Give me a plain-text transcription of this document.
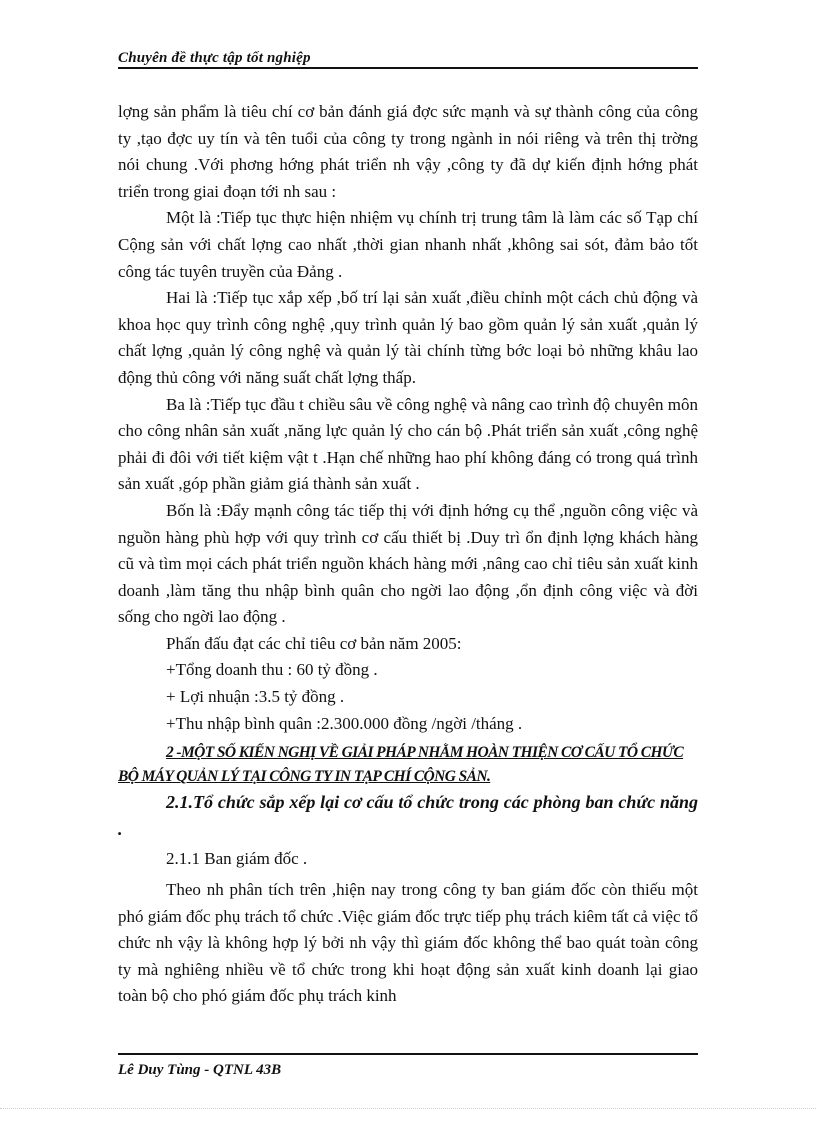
Chuyên đề thực tập tốt nghiệp

lợng sản phẩm là tiêu chí cơ bản đánh giá đợc sức mạnh và sự thành công của công ty ,tạo đợc uy tín và tên tuổi của công ty trong ngành in nói riêng và trên thị trờng nói chung .Với phơng hớng phát triển nh vậy ,công ty đã dự kiến định hớng phát triển trong giai đoạn tới nh sau :

Một là :Tiếp tục thực hiện nhiệm vụ chính trị trung tâm là làm các số Tạp chí Cộng sản với chất lợng cao nhất ,thời gian nhanh nhất ,không sai sót, đảm bảo tốt công tác tuyên truyền của Đảng .

Hai là :Tiếp tục xắp xếp ,bố trí lại sản xuất ,điều chỉnh một cách chủ động và khoa học quy trình công nghệ ,quy trình quản lý bao gồm quản lý sản xuất ,quản lý chất lợng ,quản lý công nghệ và quản lý tài chính từng bớc loại bỏ những khâu lao động thủ công với năng suất chất lợng thấp.

Ba là :Tiếp tục đầu t chiều sâu về công nghệ và nâng cao trình độ chuyên môn cho công nhân sản xuất ,năng lực quản lý cho cán bộ .Phát triển sản xuất ,công nghệ phải đi đôi với tiết kiệm vật t .Hạn chế những hao phí không đáng có trong quá trình sản xuất ,góp phần giảm giá thành sản xuất .

Bốn là :Đẩy mạnh công tác tiếp thị với định hớng cụ thể ,nguồn công việc và nguồn hàng phù hợp với quy trình cơ cấu thiết bị .Duy trì ổn định lợng khách hàng cũ và tìm mọi cách phát triển nguồn khách hàng mới ,nâng cao chỉ tiêu sản xuất kinh doanh ,làm tăng thu nhập bình quân cho ngời lao động ,ổn định công việc và đời sống cho ngời lao động .

Phấn đấu đạt các chỉ tiêu cơ bản năm 2005:

+Tổng doanh thu : 60 tỷ đồng .

+ Lợi nhuận :3.5 tỷ đồng .

+Thu nhập bình quân :2.300.000 đồng /ngời /tháng .

2 -MỘT SỐ KIẾN NGHỊ VỀ GIẢI PHÁP NHẰM HOÀN THIỆN CƠ CẤU TỔ CHỨC BỘ MÁY QUẢN LÝ TẠI CÔNG TY IN TẠP CHÍ CỘNG SẢN.

2.1.Tổ chức sắp xếp lại cơ cấu tổ chức trong các phòng ban chức năng .

2.1.1 Ban giám đốc .

Theo nh phân tích trên ,hiện nay trong công ty ban giám đốc còn thiếu một phó giám đốc phụ trách tổ chức .Việc giám đốc trực tiếp phụ trách kiêm tất cả việc tổ chức nh vậy là không hợp lý bởi nh vậy thì giám đốc không thể bao quát toàn công ty mà nghiêng nhiều về tổ chức trong khi hoạt động sản xuất kinh doanh lại giao toàn bộ cho phó giám đốc phụ trách kinh

Lê Duy Tùng - QTNL 43B
